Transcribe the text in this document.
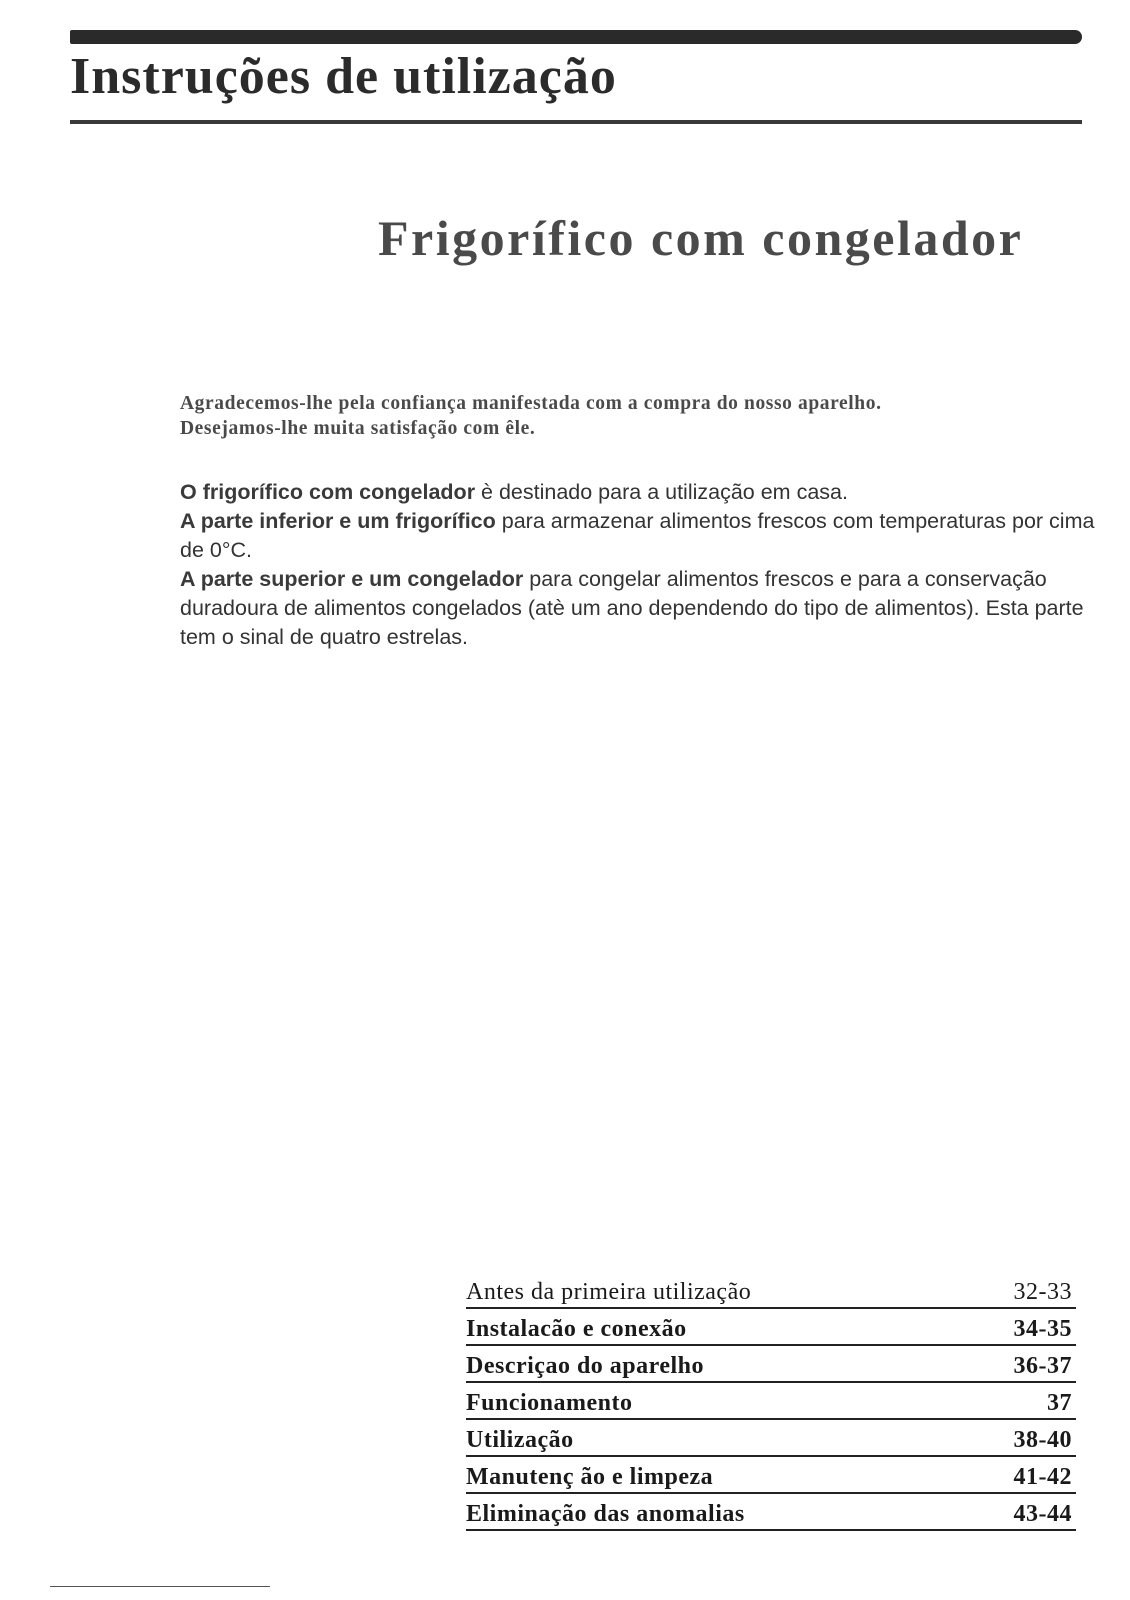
Instruções de utilização
Frigorífico com congelador
Agradecemos-lhe pela confiança manifestada com a compra do nosso aparelho.
Desejamos-lhe muita satisfação com êle.

O frigorífico com congelador è destinado para a utilização em casa.

A parte inferior e um frigorífico para armazenar alimentos frescos com temperaturas por cima de 0°C.

A parte superior e um congelador para congelar alimentos frescos e para a conservação duradoura de alimentos congelados (atè um ano dependendo do tipo de alimentos). Esta parte tem o sinal de quatro estrelas.

Antes da primeira utilização	32-33
Instalacão e conexão	34-35
Descriçao do aparelho	36-37
Funcionamento	37
Utilização	38-40
Manutenç ão e limpeza	41-42
Eliminação das anomalias	43-44
